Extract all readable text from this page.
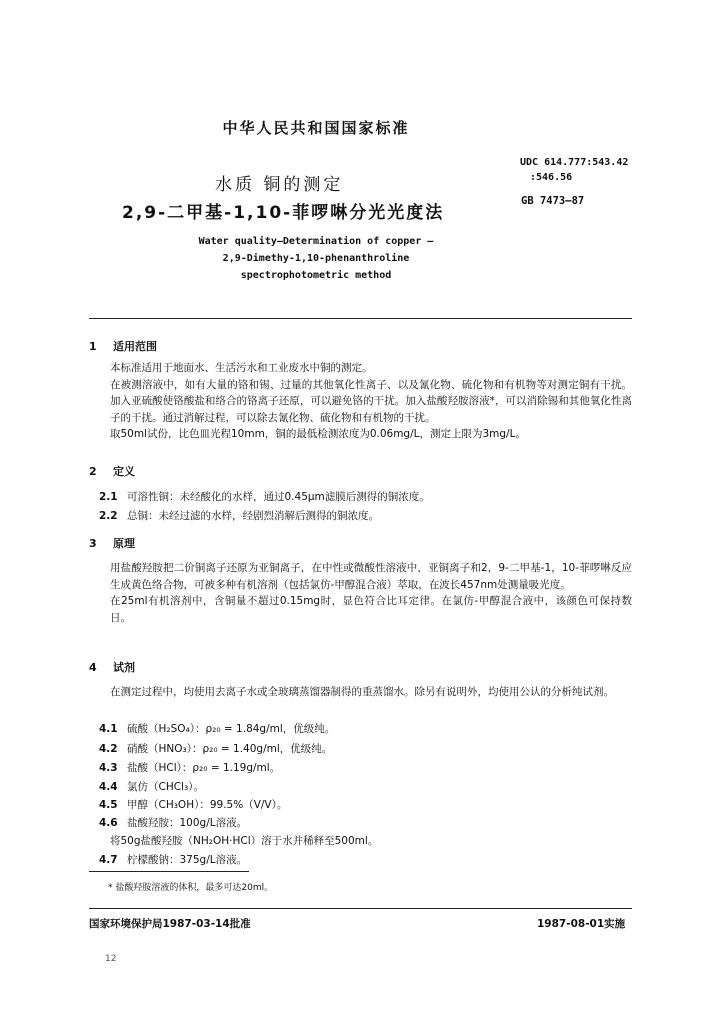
中华人民共和国国家标准
水质 铜的测定
2,9-二甲基-1,10-菲啰啉分光光度法
UDC 614.777:543.42
:546.56
GB 7473—87
Water quality—Determination of copper —
2,9-Dimethy-1,10-phenanthroline
spectrophotometric method
1 适用范围
本标准适用于地面水、生活污水和工业废水中铜的测定。
在被测溶液中，如有大量的铬和锡、过量的其他氧化性离子、以及氰化物、硫化物和有机物等对测定铜有干扰。加入亚硫酸使铬酸盐和络合的铬离子还原，可以避免铬的干扰。加入盐酸羟胺溶液*，可以消除锡和其他氧化性离子的干扰。通过消解过程，可以除去氰化物、硫化物和有机物的干扰。
取50ml试份，比色皿光程10mm，铜的最低检测浓度为0.06mg/L，测定上限为3mg/L。
2 定义
2.1 可溶性铜：未经酸化的水样，通过0.45μm滤膜后测得的铜浓度。
2.2 总铜：未经过滤的水样，经剧烈消解后测得的铜浓度。
3 原理
用盐酸羟胺把二价铜离子还原为亚铜离子，在中性或微酸性溶液中，亚铜离子和2，9-二甲基-1，10-菲啰啉反应生成黄色络合物，可被多种有机溶剂（包括氯仿-甲醇混合液）萃取，在波长457nm处测量吸光度。
在25ml有机溶剂中，含铜量不超过0.15mg时，显色符合比耳定律。在氯仿-甲醇混合液中，该颜色可保持数日。
4 试剂
在测定过程中，均使用去离子水或全玻璃蒸馏器制得的重蒸馏水。除另有说明外，均使用公认的分析纯试剂。
4.1 硫酸（H₂SO₄）：ρ₂₀ = 1.84g/ml，优级纯。
4.2 硝酸（HNO₃）：ρ₂₀ = 1.40g/ml，优级纯。
4.3 盐酸（HCl）：ρ₂₀ = 1.19g/ml。
4.4 氯仿（CHCl₃）。
4.5 甲醇（CH₃OH）：99.5%（V/V）。
4.6 盐酸羟胺：100g/L溶液。
将50g盐酸羟胺（NH₂OH·HCl）溶于水并稀释至500ml。
4.7 柠檬酸钠：375g/L溶液。
* 盐酸羟胺溶液的体积，最多可达20ml。
国家环境保护局1987-03-14批准	1987-08-01实施
12
